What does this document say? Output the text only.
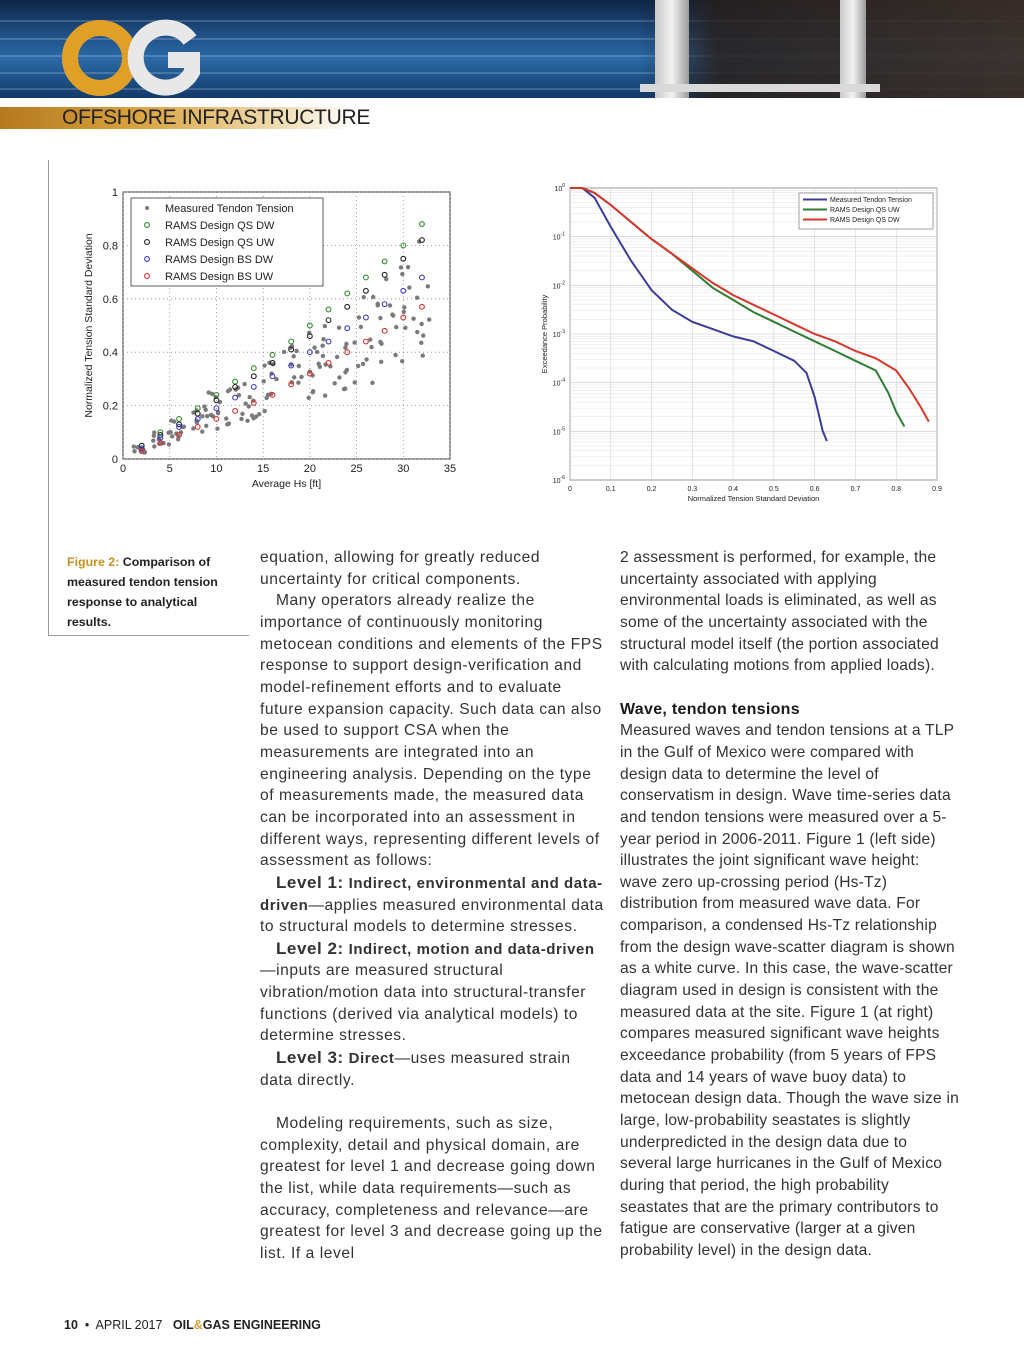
OG
OFFSHORE INFRASTRUCTURE
0	5	10	15	20	25	30	35
0
0.2
0.4
0.6
0.8
1
Average Hs [ft]
Normalized Tension Standard Deviation
Measured Tendon Tension
RAMS Design QS DW
RAMS Design QS UW
RAMS Design BS DW
RAMS Design BS UW
0	0.1	0.2	0.3	0.4	0.5	0.6	0.7	0.8	0.9
$10^0$
$10^{-1}$
$10^{-2}$
$10^{-3}$
$10^{-4}$
$10^{-5}$
$10^{-6}$
Normalized Tension Standard Deviation
Exceedance Probability
Measured Tendon Tension
RAMS Design QS UW
RAMS Design QS DW
Figure 2: Comparison of measured tendon tension response to analytical results.

equation, allowing for greatly reduced uncertainty for critical components.

Many operators already realize the importance of continuously monitoring metocean conditions and elements of the FPS response to support design-verification and model-refinement efforts and to evaluate future expansion capacity. Such data can also be used to support CSA when the measurements are integrated into an engineering analysis. Depending on the type of measurements made, the measured data can be incorporated into an assessment in different ways, representing different levels of assessment as follows:

Level 1: Indirect, environmental and data-driven—applies measured environmental data to structural models to determine stresses.

Level 2: Indirect, motion and data-driven—inputs are measured structural vibration/motion data into structural-transfer functions (derived via analytical models) to determine stresses.

Level 3: Direct—uses measured strain data directly.

Modeling requirements, such as size, complexity, detail and physical domain, are greatest for level 1 and decrease going down the list, while data requirements—such as accuracy, completeness and relevance—are greatest for level 3 and decrease going up the list. If a level

2 assessment is performed, for example, the uncertainty associated with applying environmental loads is eliminated, as well as some of the uncertainty associated with the structural model itself (the portion associated with calculating motions from applied loads).

Wave, tendon tensions

Measured waves and tendon tensions at a TLP in the Gulf of Mexico were compared with design data to determine the level of conservatism in design. Wave time-series data and tendon tensions were measured over a 5-year period in 2006-2011. Figure 1 (left side) illustrates the joint significant wave height: wave zero up-crossing period (Hs-Tz) distribution from measured wave data. For comparison, a condensed Hs-Tz relationship from the design wave-scatter diagram is shown as a white curve. In this case, the wave-scatter diagram used in design is consistent with the measured data at the site. Figure 1 (at right) compares measured significant wave heights exceedance probability (from 5 years of FPS data and 14 years of wave buoy data) to metocean design data. Though the wave size in large, low-probability seastates is slightly underpredicted in the design data due to several large hurricanes in the Gulf of Mexico during that period, the high probability seastates that are the primary contributors to fatigue are conservative (larger at a given probability level) in the design data.

10 • APRIL 2017 OIL&GAS ENGINEERING
